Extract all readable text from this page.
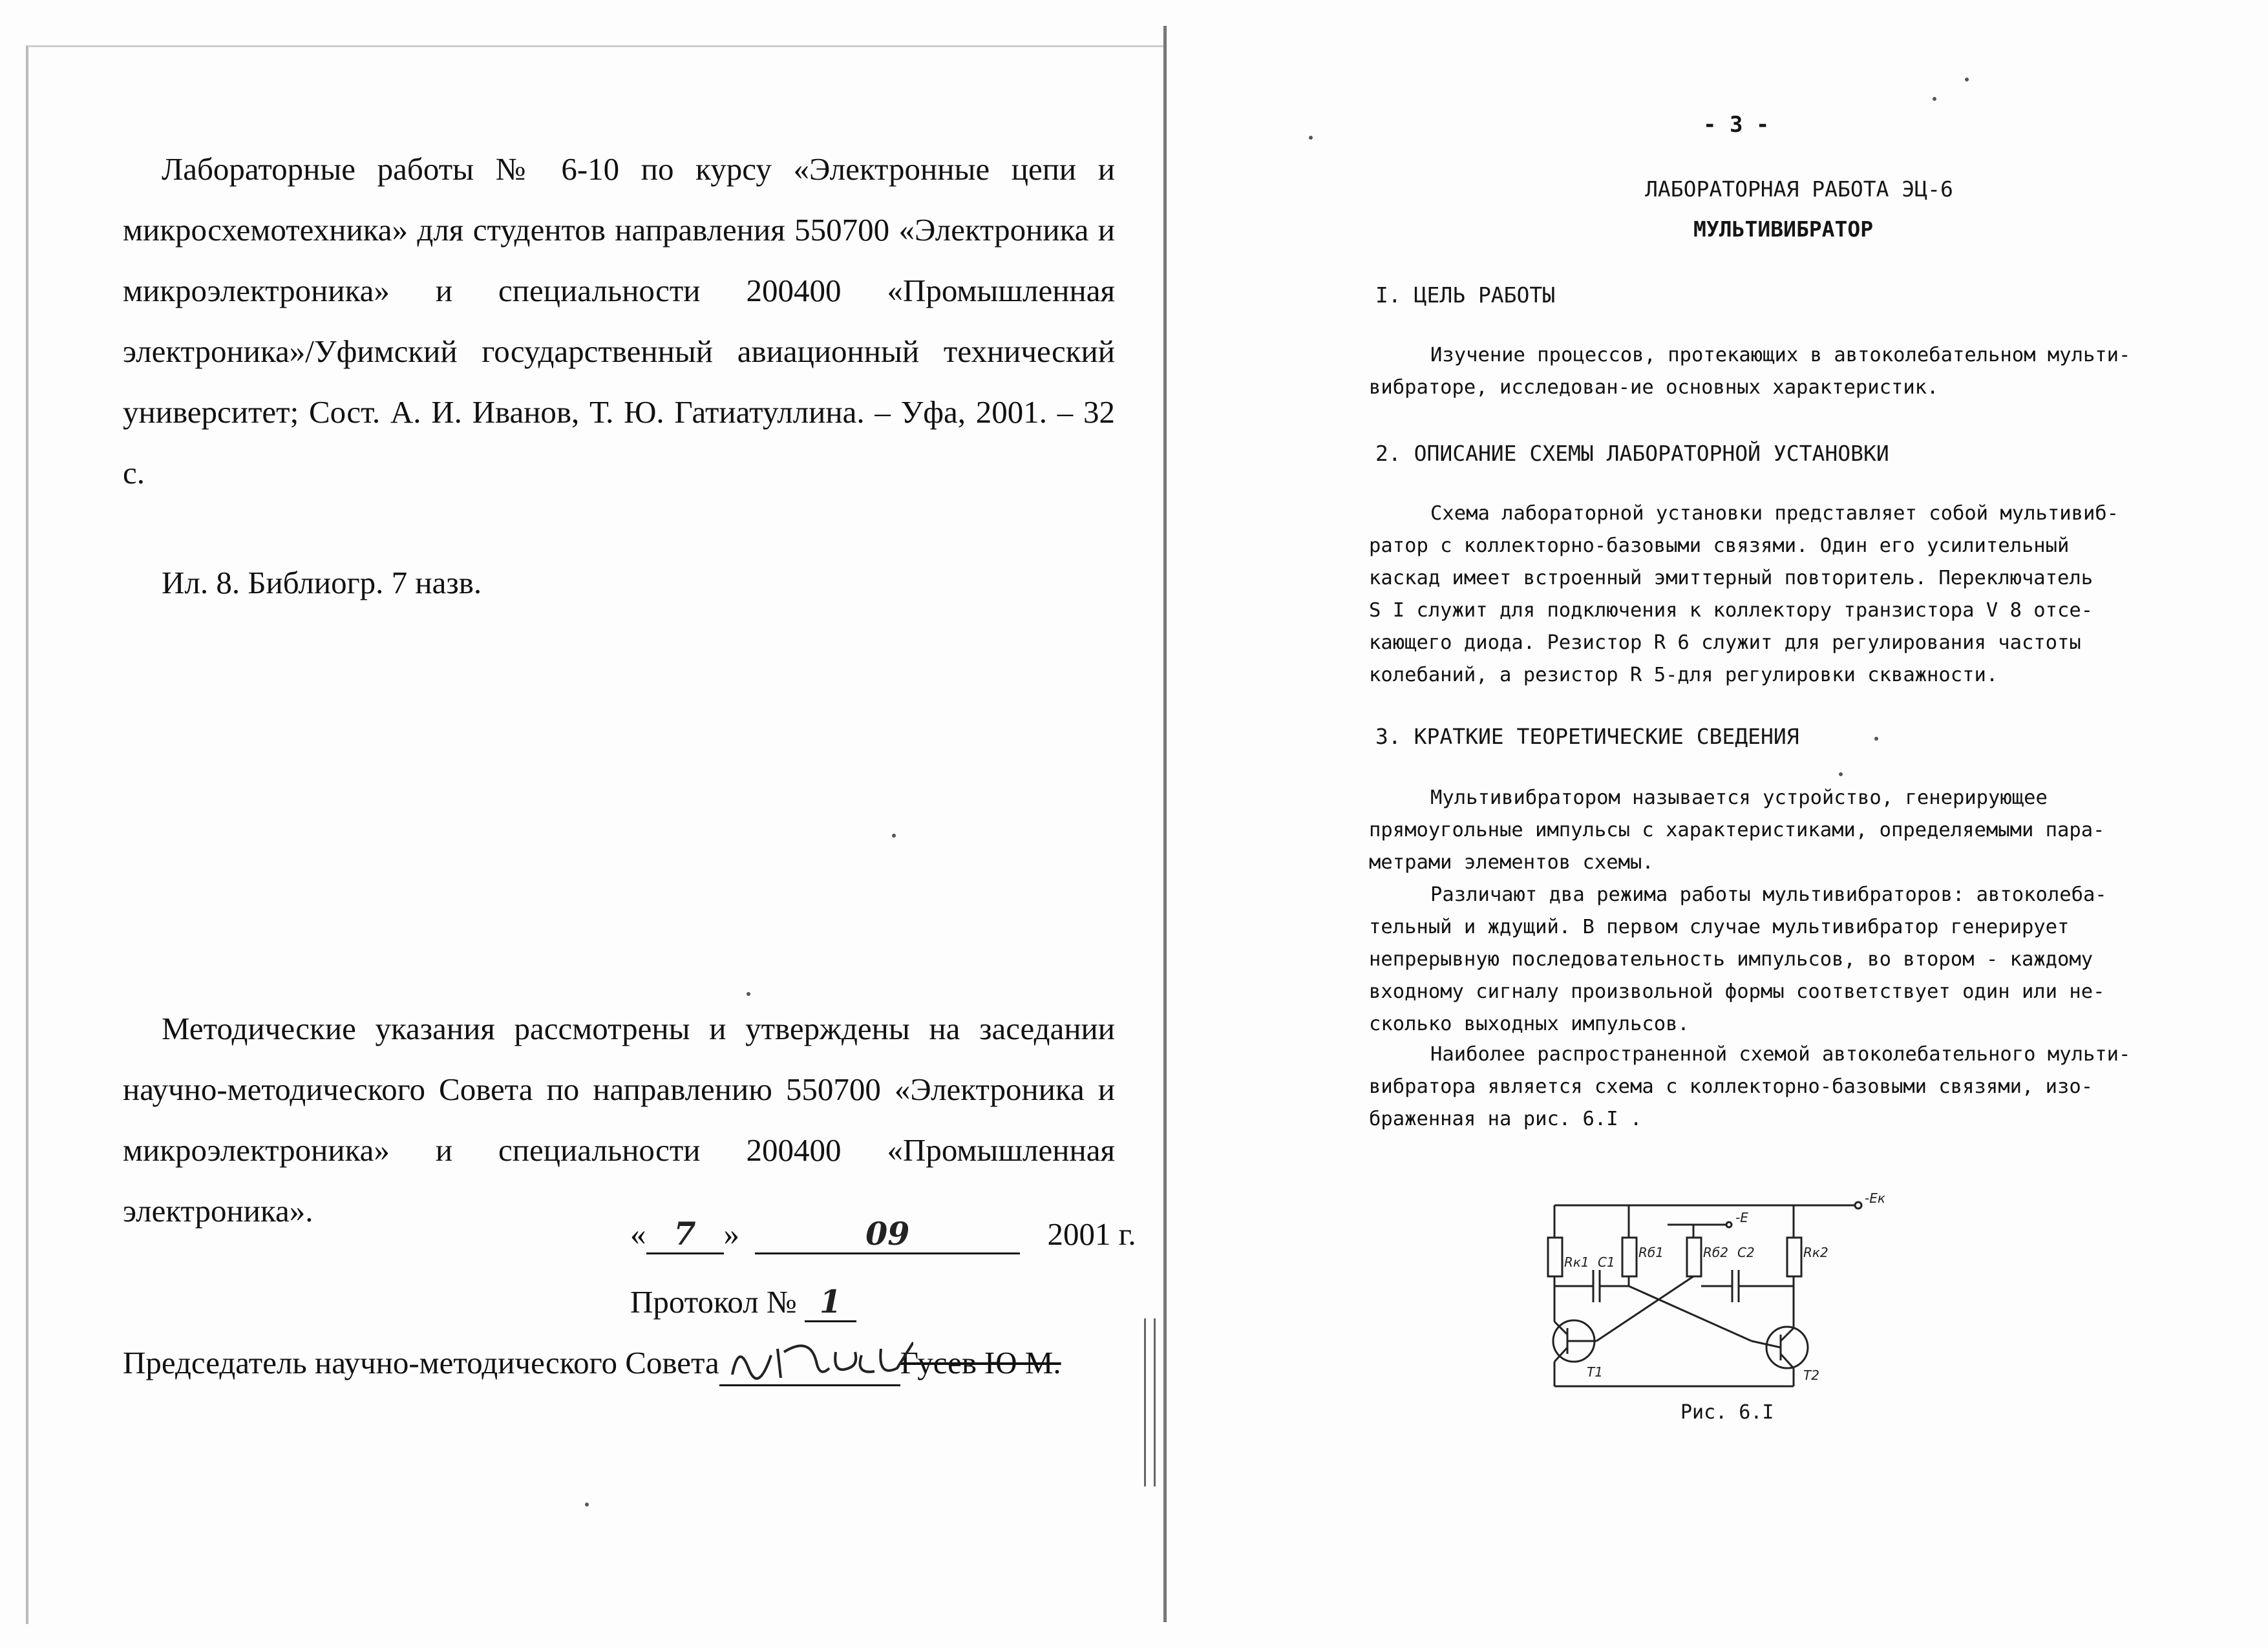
Лабораторные работы № 6-10 по курсу «Электронные цепи и микросхемотехника» для студентов направления 550700 «Электроника и микроэлектроника» и специальности 200400 «Промышленная электроника»/Уфимский государственный авиационный технический университет; Сост. А. И. Иванов, Т. Ю. Гатиатуллина. – Уфа, 2001. – 32 с.

Ил. 8. Библиогр. 7 назв.

Методические указания рассмотрены и утверждены на заседании научно-методического Совета по направлению 550700 «Электроника и микроэлектроника» и специальности 200400 «Промышленная электроника».

« 7 »	09	2001 г.
Протокол № 1
Председатель научно-методического Совета	Гусев Ю М.
- 3 -
ЛАБОРАТОРНАЯ РАБОТА ЭЦ-6
МУЛЬТИВИБРАТОР
I. ЦЕЛЬ РАБОТЫ
Изучение процессов, протекающих в автоколебательном мульти-
вибраторе, исследован-ие основных характеристик.
2. ОПИСАНИЕ СХЕМЫ ЛАБОРАТОРНОЙ УСТАНОВКИ
Схема лабораторной установки представляет собой мультивиб-
ратор с коллекторно-базовыми связями. Один его усилительный
каскад имеет встроенный эмиттерный повторитель. Переключатель
S I служит для подключения к коллектору транзистора V 8 отсе-
кающего диода. Резистор R 6 служит для регулирования частоты
колебаний, а резистор R 5-для регулировки скважности.
3. КРАТКИЕ ТЕОРЕТИЧЕСКИЕ СВЕДЕНИЯ
Мультивибратором называется устройство, генерирующее
прямоугольные импульсы с характеристиками, определяемыми пара-
метрами элементов схемы.
Различают два режима работы мультивибраторов: автоколеба-
тельный и ждущий. В первом случае мультивибратор генерирует
непрерывную последовательность импульсов, во втором - каждому
входному сигналу произвольной формы соответствует один или не-
сколько выходных импульсов.
Наиболее распространенной схемой автоколебательного мульти-
вибратора является схема с коллекторно-базовыми связями, изо-
браженная на рис. 6.I .
-Eк
-E
Rк1 C1
Rб1	Rб2 C2	Rк2
T1	T2
Рис. 6.I
